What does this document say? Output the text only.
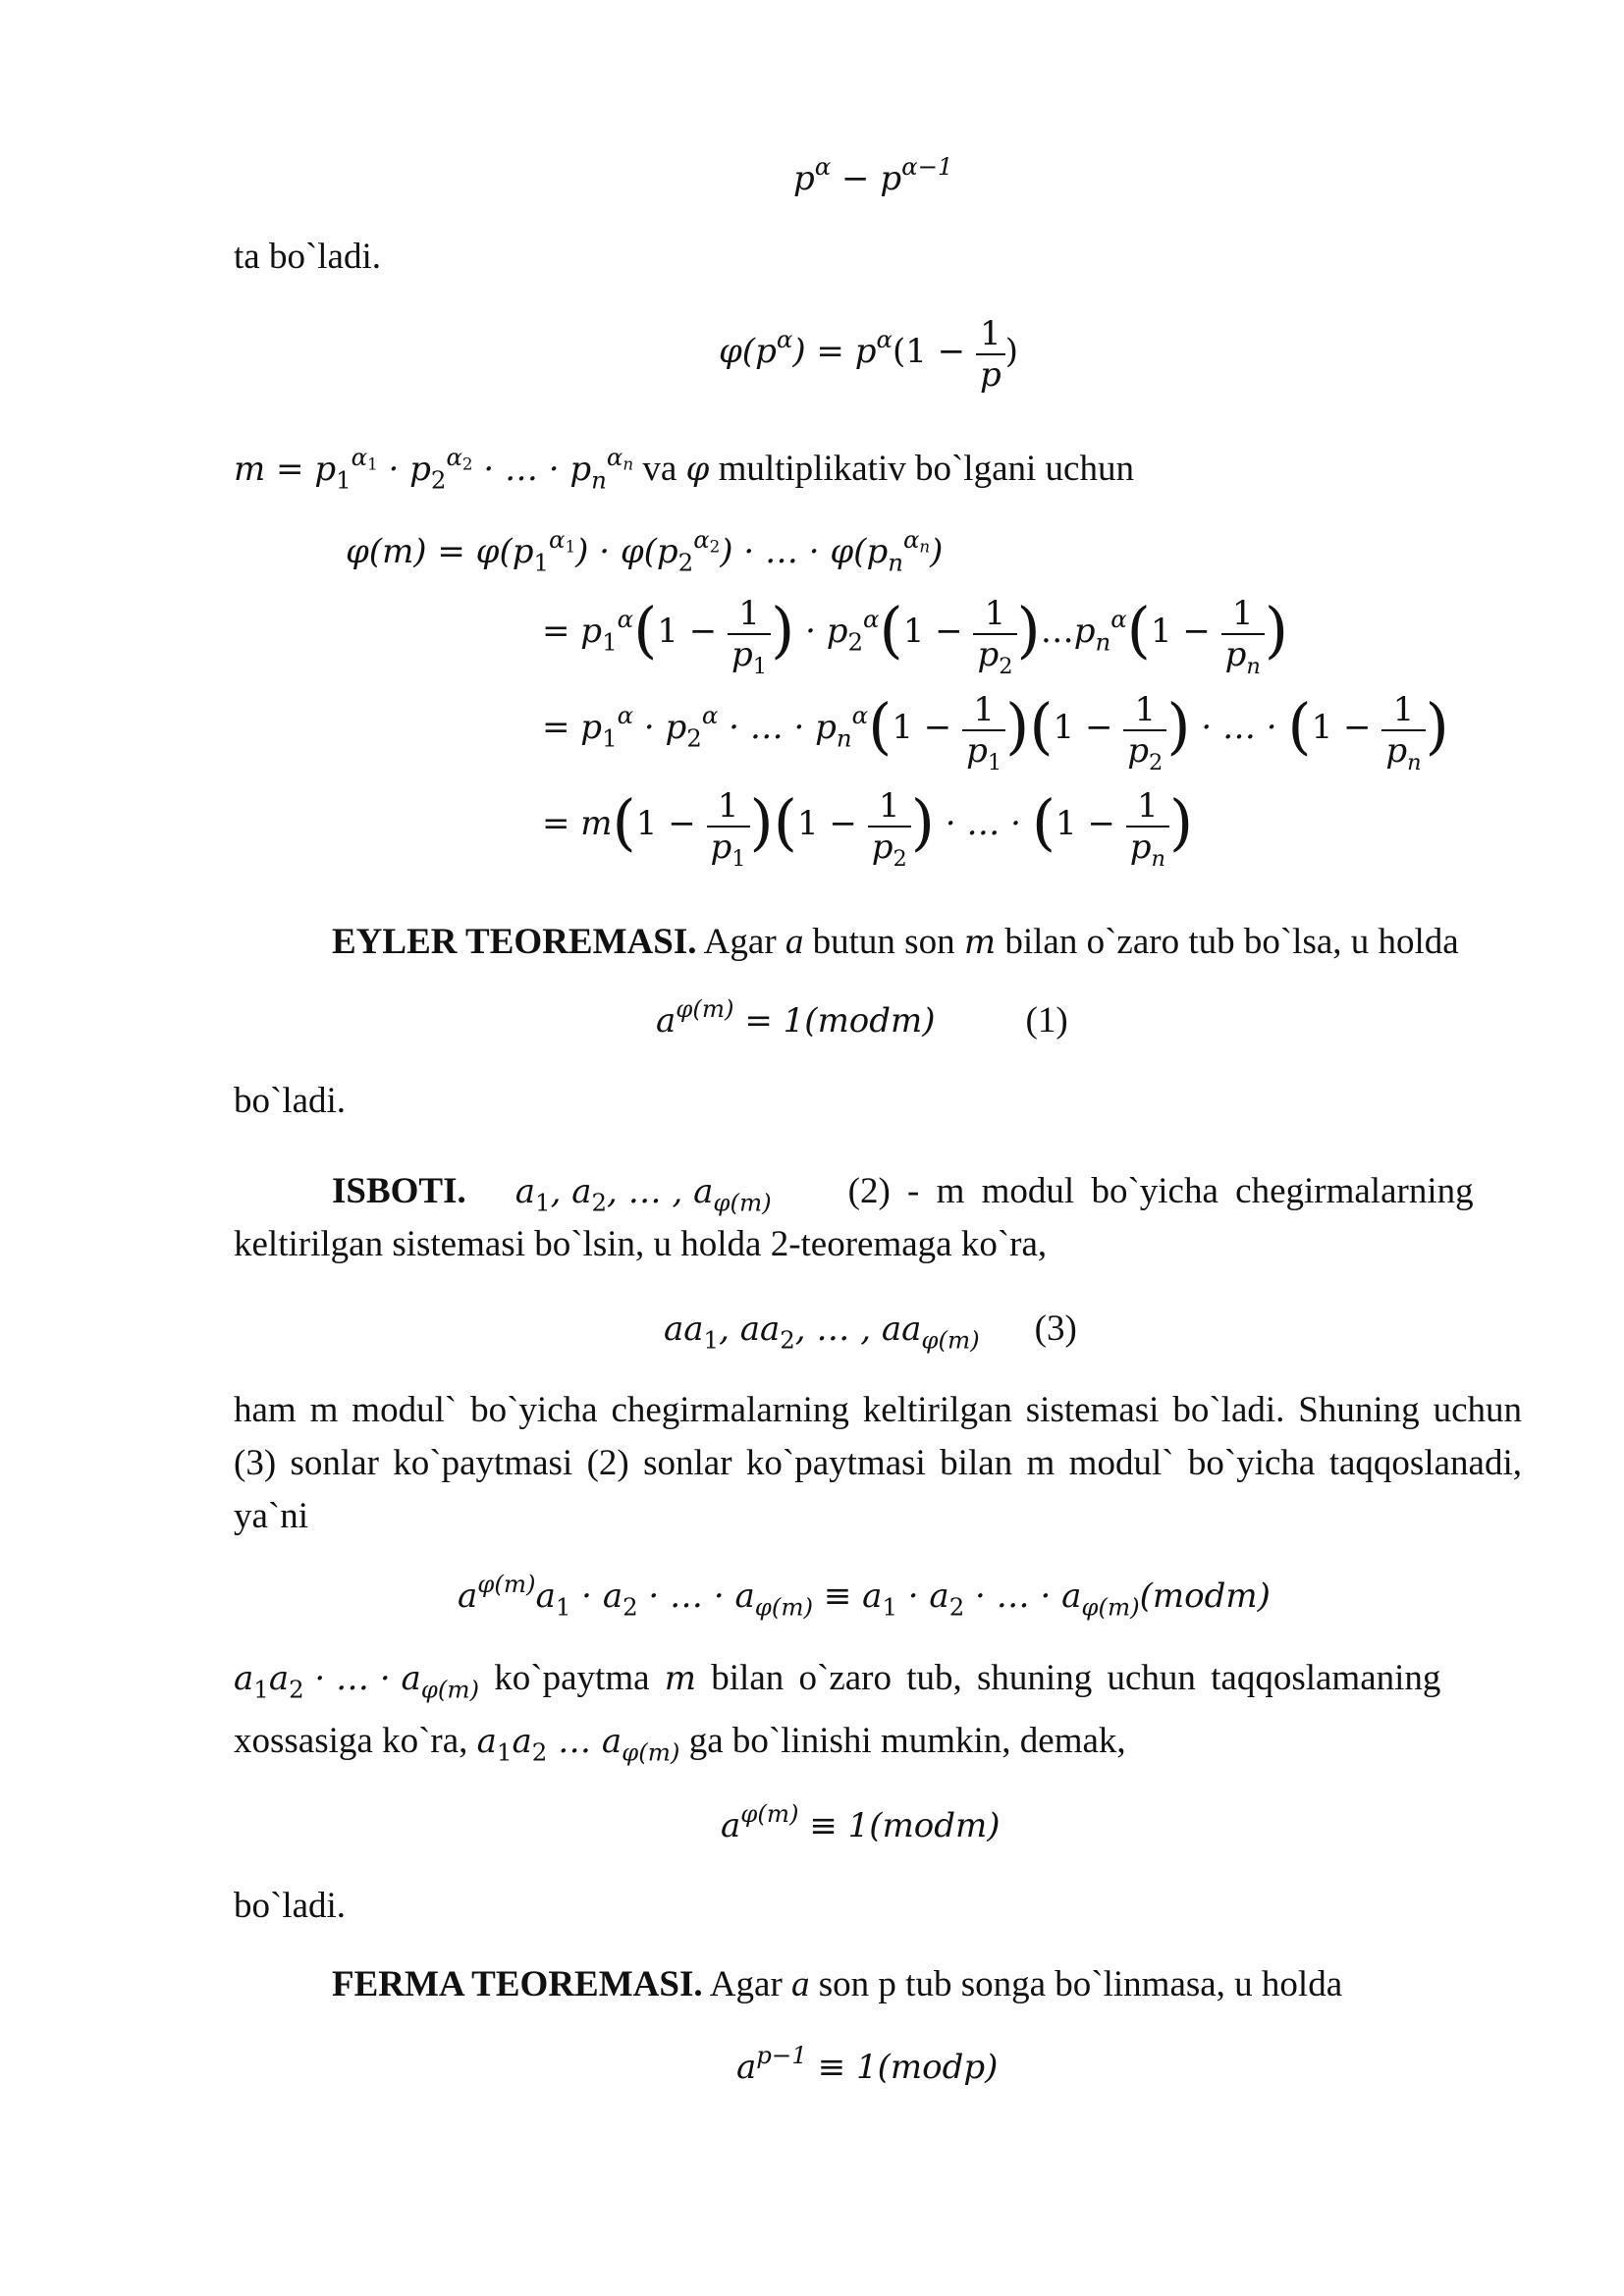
$p^\alpha - p^{\alpha-1}$
ta bo`ladi.
$\varphi(p^\alpha) = p^\alpha(1 - \frac{1}{p}$ )
$m = p_1^{\alpha 1} \cdot p_2^{\alpha 2}$ · … · $p_n^{\alpha n}$ va φ multiplikativ bo`lgani uchun
$\varphi(m) = \varphi(p_1^{\alpha 1}) \cdot \varphi(p_2^{\alpha 2})$ · … · $\varphi(p_n^{\alpha n})$
= $p_1^\alpha(1 - \frac{1}{p_1}$ ) · $p_2^\alpha(1 - \frac{1}{p_2}$ )$\dots p_n^\alpha(1 - \frac{1}{p_n}$ )
= $p_1^\alpha \cdot p_2^\alpha$ · … · $p_n^\alpha(1 - \frac{1}{p_1} )(1 - \frac{1}{p_2}$ ) · … · ($1 - \frac{1}{p_n}$ )
= $m(1 - \frac{1}{p_1} )(1 - \frac{1}{p_2}$ ) · … · ($1 - \frac{1}{p_n}$ )
EYLER TEOREMASI. Agar a butun son m bilan o`zaro tub bo`lsa, u holda
$a^{\varphi(m)}$ = 1(modm) (1)
bo`ladi.
ISBOTI. $a_1$, $a_2$, … , $a_{\varphi(m)}$ (2) - m modul bo`yicha chegirmalarning
keltirilgan sistemasi bo`lsin, u holda 2-teoremaga ko`ra,
$aa_1$, $aa_2$, … , $aa_{\varphi(m)}$ (3)
ham m modul` bo`yicha chegirmalarning keltirilgan sistemasi bo`ladi. Shuning uchun (3) sonlar ko`paytmasi (2) sonlar ko`paytmasi bilan m modul` bo`yicha taqqoslanadi, ya`ni
$a^{\varphi(m)}a_1 \cdot a_2$ · … · $a_{\varphi(m)} \equiv a_1 \cdot a_2$ · … · $a_{\varphi(m)}(modm)$
$a_1a_2$ · … · $a_{\varphi(m)}$ ko`paytma m bilan o`zaro tub, shuning uchun taqqoslamaning
xossasiga ko`ra, $a_1a_2$ … $a_{\varphi(m)}$ ga bo`linishi mumkin, demak,
$a^{\varphi(m)}$ ≡ 1(modm)
bo`ladi.
FERMA TEOREMASI. Agar a son p tub songa bo`linmasa, u holda
$a^{p-1}$ ≡ 1(modp)
